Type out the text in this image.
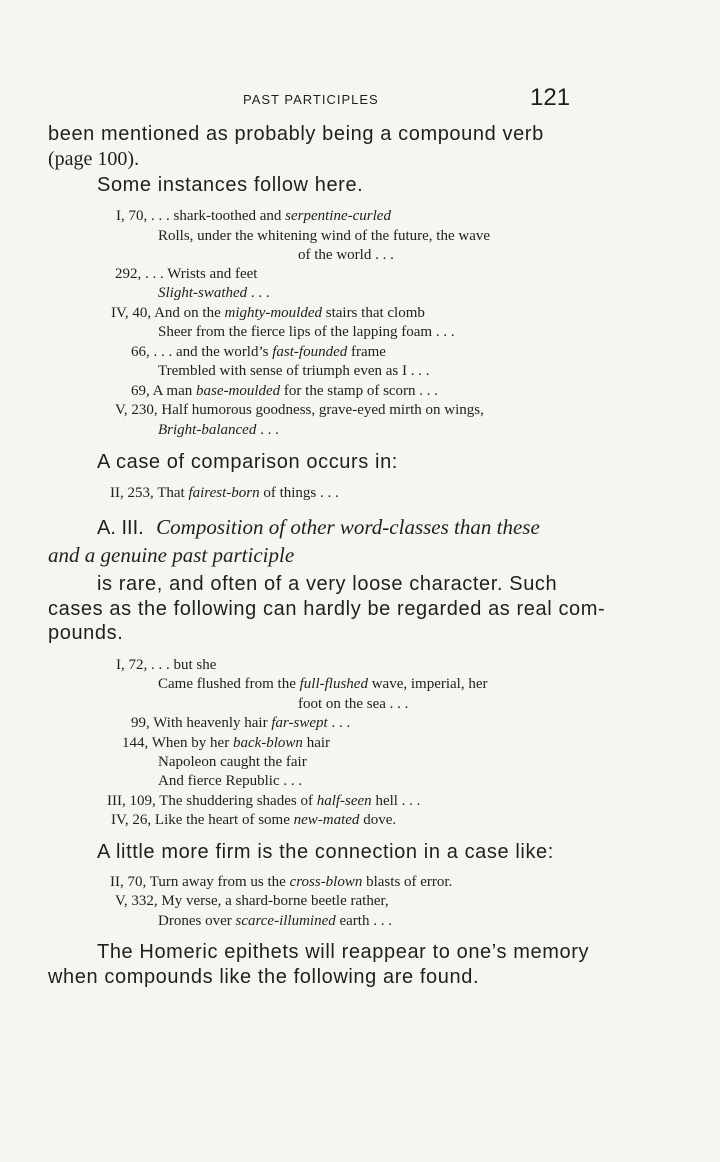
PAST PARTICIPLES	121
been mentioned as probably being a compound verb
(page 100).
Some instances follow here.
I, 70, . . . shark-toothed and serpentine-curled
Rolls, under the whitening wind of the future, the wave
of the world . . .
292, . . . Wrists and feet
Slight-swathed . . .
IV, 40, And on the mighty-moulded stairs that clomb
Sheer from the fierce lips of the lapping foam . . .
66, . . . and the world’s fast-founded frame
Trembled with sense of triumph even as I . . .
69, A man base-moulded for the stamp of scorn . . .
V, 230, Half humorous goodness, grave-eyed mirth on wings,
Bright-balanced . . .
A case of comparison occurs in:
II, 253, That fairest-born of things . . .
A. III. Composition of other word-classes than these
and a genuine past participle
is rare, and often of a very loose character. Such
cases as the following can hardly be regarded as real com-
pounds.
I, 72, . . . but she
Came flushed from the full-flushed wave, imperial, her
foot on the sea . . .
99, With heavenly hair far-swept . . .
144, When by her back-blown hair
Napoleon caught the fair
And fierce Republic . . .
III, 109, The shuddering shades of half-seen hell . . .
IV, 26, Like the heart of some new-mated dove.
A little more firm is the connection in a case like:
II, 70, Turn away from us the cross-blown blasts of error.
V, 332, My verse, a shard-borne beetle rather,
Drones over scarce-illumined earth . . .
The Homeric epithets will reappear to one’s memory
when compounds like the following are found.
